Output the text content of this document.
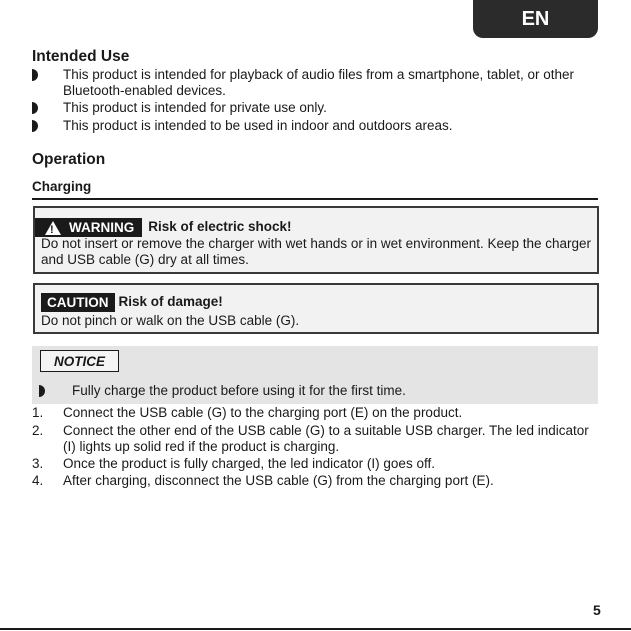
EN
Intended Use
This product is intended for playback of audio files from a smartphone, tablet, or other Bluetooth-enabled devices.
This product is intended for private use only.
This product is intended to be used in indoor and outdoors areas.
Operation
Charging
!
WARNING Risk of electric shock!
Do not insert or remove the charger with wet hands or in wet environment. Keep the charger and USB cable (G) dry at all times.
CAUTION Risk of damage!
Do not pinch or walk on the USB cable (G).
NOTICE
Fully charge the product before using it for the first time.
1. Connect the USB cable (G) to the charging port (E) on the product.
2. Connect the other end of the USB cable (G) to a suitable USB charger. The led indicator (I) lights up solid red if the product is charging.
3. Once the product is fully charged, the led indicator (I) goes off.
4. After charging, disconnect the USB cable (G) from the charging port (E).
5
